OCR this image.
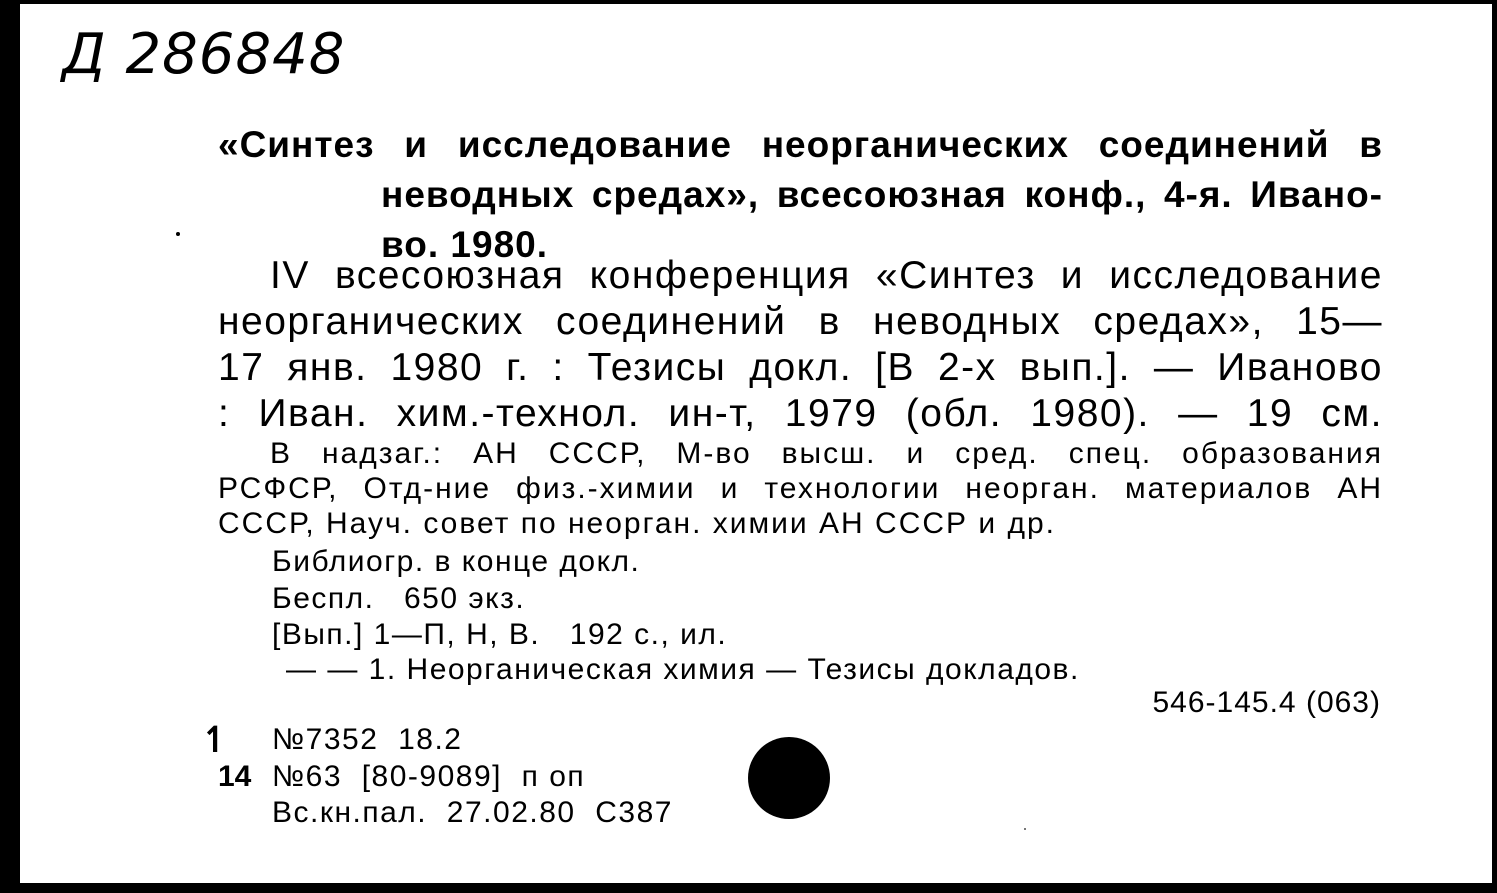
Д 286848
«Синтез и исследование неорганических соединений в
неводных средах», всесоюзная конф., 4-я. Ивано-
во. 1980.
IV всесоюзная конференция «Синтез и исследование
неорганических соединений в неводных средах», 15—
17 янв. 1980 г. : Тезисы докл. [В 2-х вып.]. — Иваново
: Иван. хим.-технол. ин-т, 1979 (обл. 1980). — 19 см.
В надзаг.: АН СССР, М-во высш. и сред. спец. образования
РСФСР, Отд-ние физ.-химии и технологии неорган. материалов АН
СССР, Науч. совет по неорган. химии АН СССР и др.
Библиогр. в конце докл.
Беспл.   650 экз.
[Вып.] 1—П, Н, В.   192 с., ил.
— — 1. Неорганическая химия — Тезисы докладов.
546-145.4 (063)
↿
14
№7352  18.2
№63  [80-9089]  п оп
Вс.кн.пал.  27.02.80  С387
